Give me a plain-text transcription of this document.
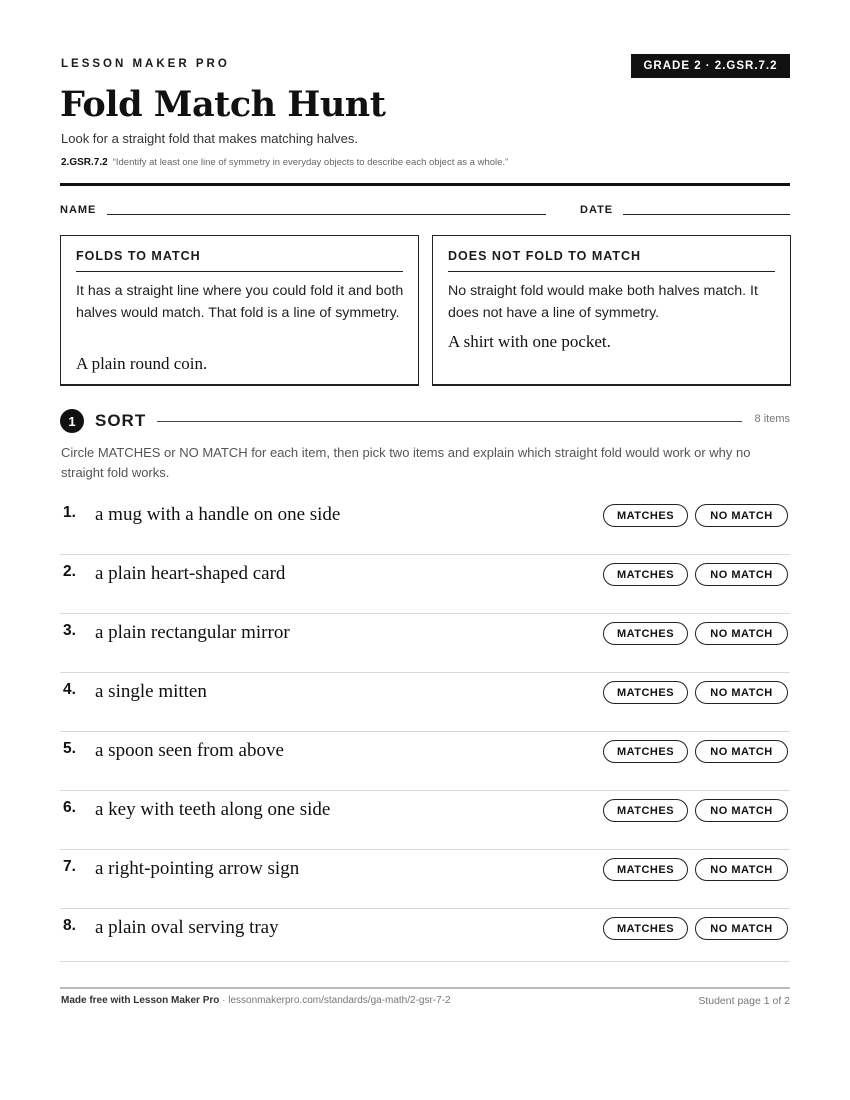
LESSON MAKER PRO	GRADE 2 · 2.GSR.7.2
Fold Match Hunt
Look for a straight fold that makes matching halves.
2.GSR.7.2 “Identify at least one line of symmetry in everyday objects to describe each object as a whole.”
NAME	DATE
FOLDS TO MATCH
It has a straight line where you could fold it and both halves would match. That fold is a line of symmetry.
A plain round coin.
DOES NOT FOLD TO MATCH
No straight fold would make both halves match. It does not have a line of symmetry.
A shirt with one pocket.
1	SORT	8 items
Circle MATCHES or NO MATCH for each item, then pick two items and explain which straight fold would work or why no straight fold works.
1. a mug with a handle on one side	MATCHES	NO MATCH
2. a plain heart-shaped card	MATCHES	NO MATCH
3. a plain rectangular mirror	MATCHES	NO MATCH
4. a single mitten	MATCHES	NO MATCH
5. a spoon seen from above	MATCHES	NO MATCH
6. a key with teeth along one side	MATCHES	NO MATCH
7. a right-pointing arrow sign	MATCHES	NO MATCH
8. a plain oval serving tray	MATCHES	NO MATCH
Made free with Lesson Maker Pro · lessonmakerpro.com/standards/ga-math/2-gsr-7-2	Student page 1 of 2
